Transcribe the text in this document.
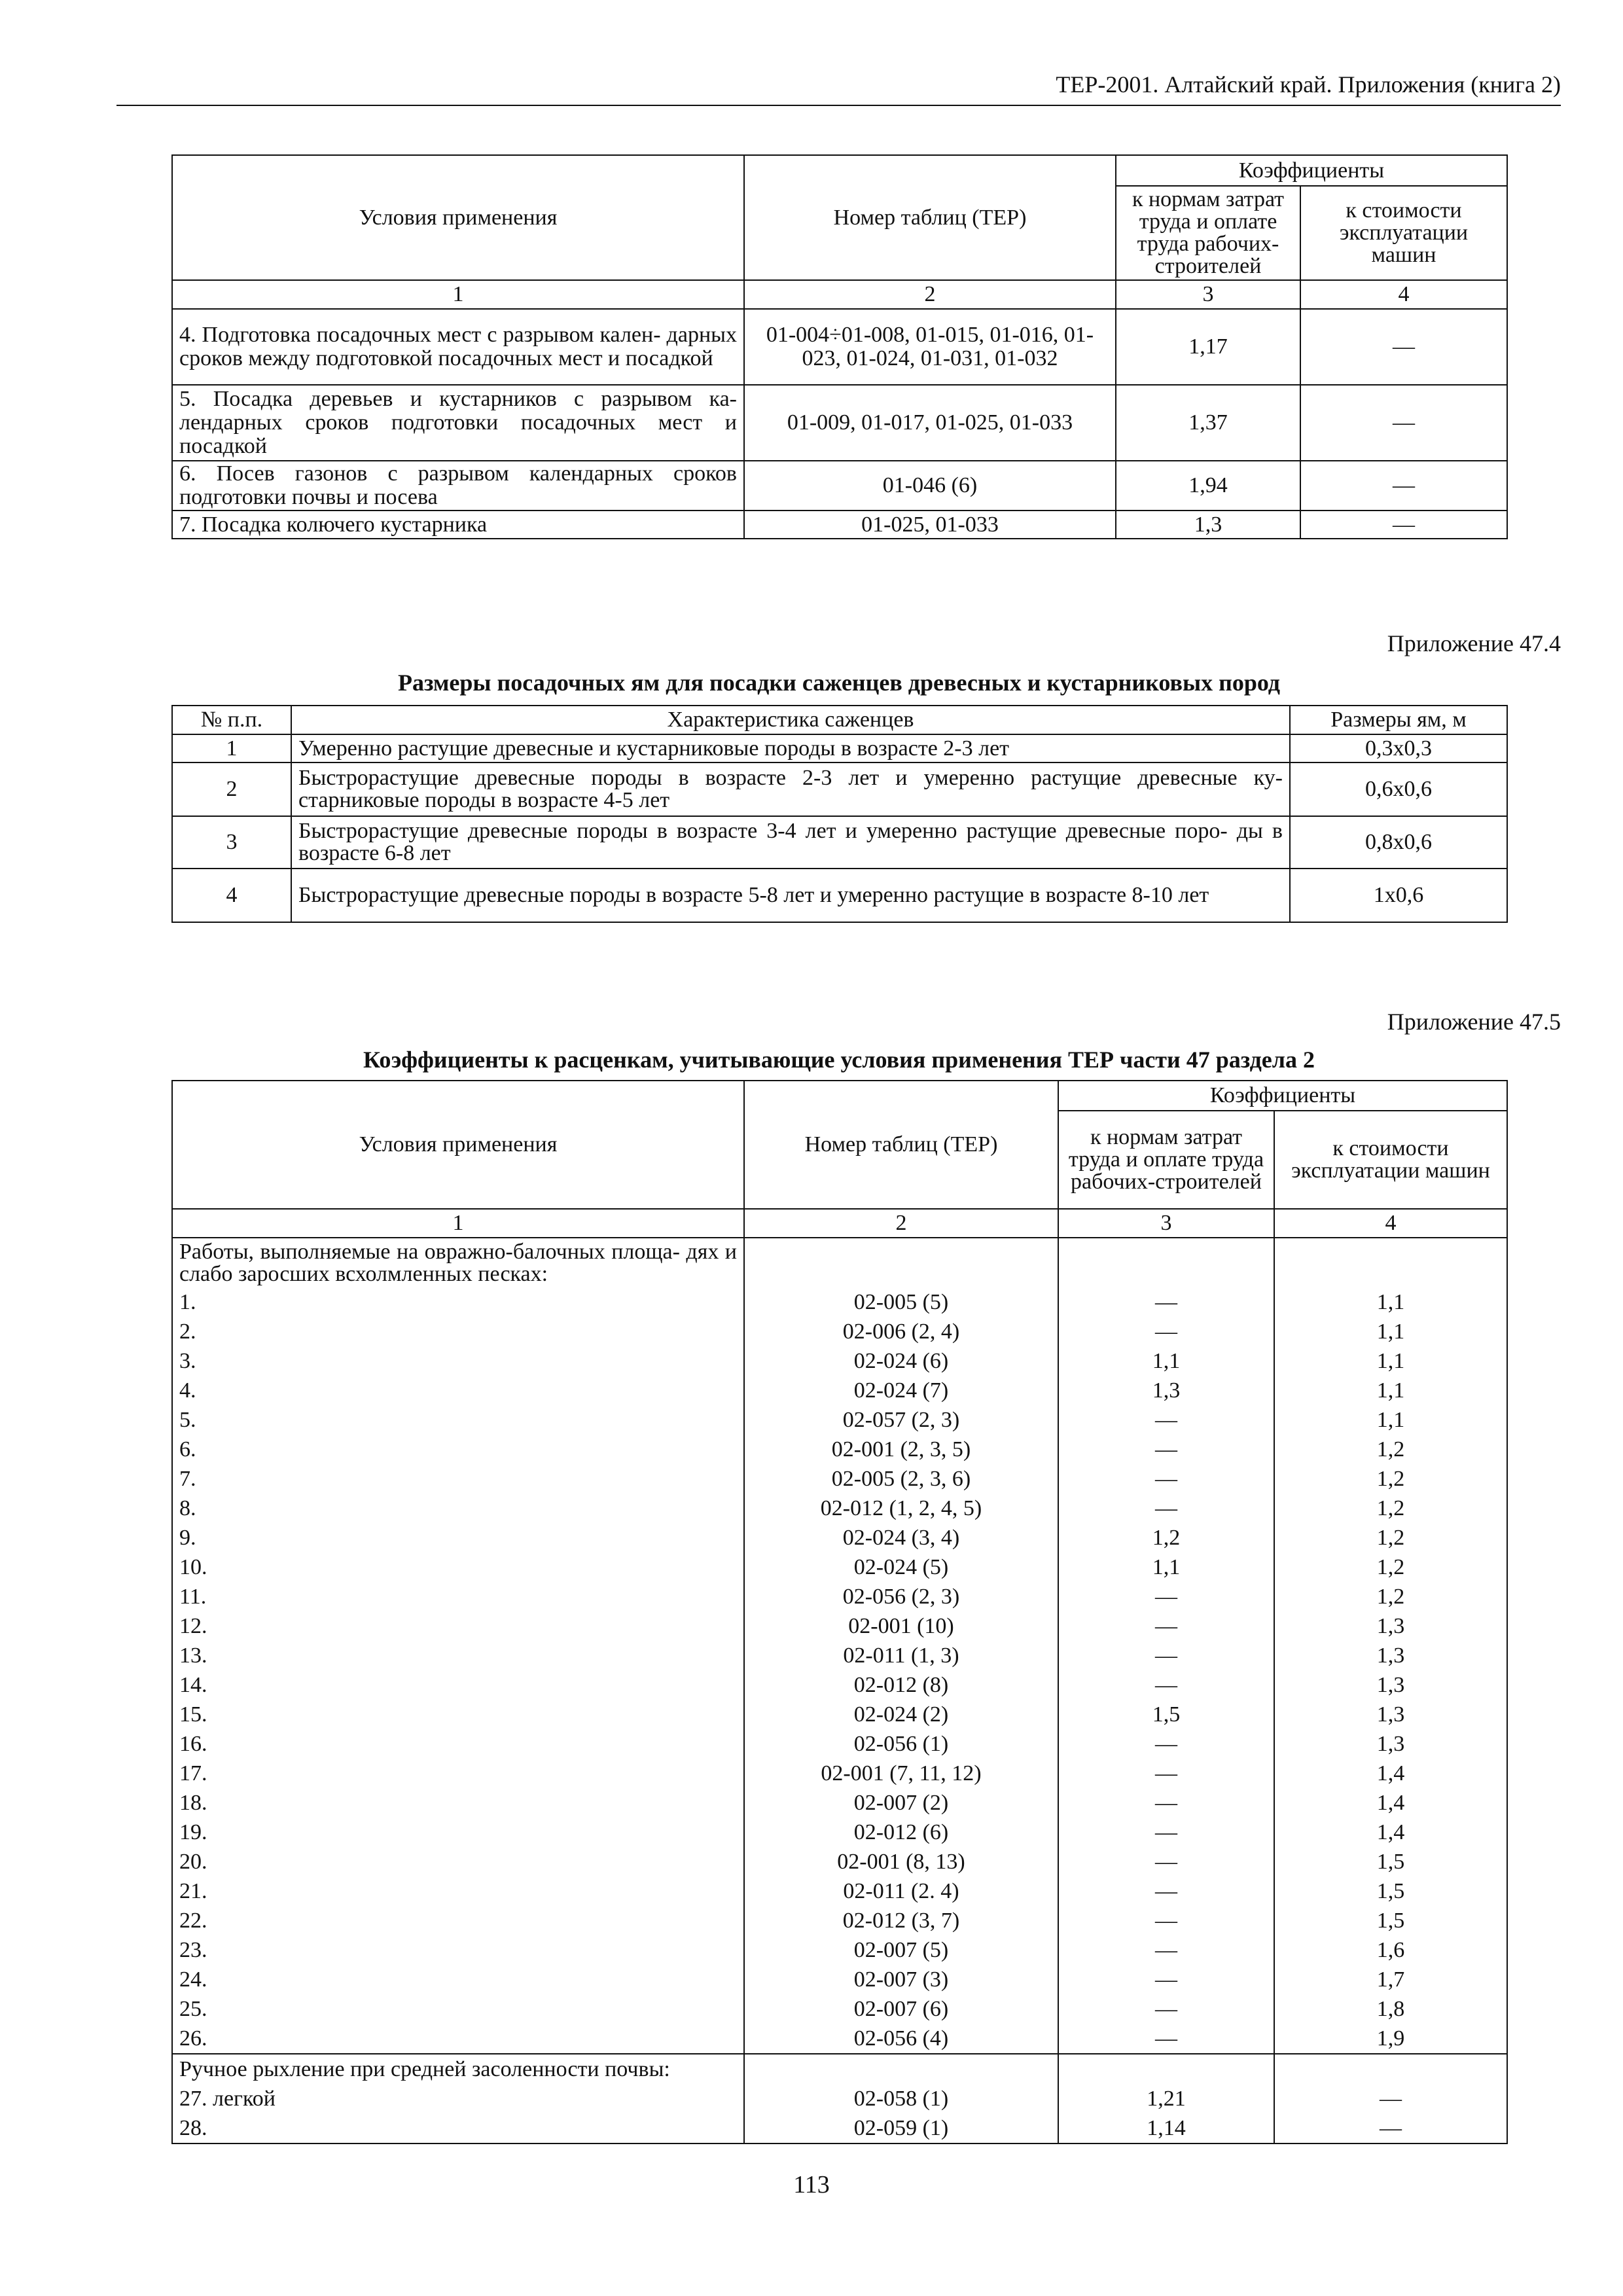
ТЕР-2001. Алтайский край. Приложения (книга 2)
Условия применения	Номер таблиц (ТЕР)	Коэффициенты	
		к нормам затрат труда и оплате труда рабочих-строителей	к стоимости эксплуатации машин
1	2	3	4
4. Подготовка посадочных мест с разрывом кален- дарных сроков между подготовкой посадочных мест и посадкой	01-004÷01-008, 01-015, 01-016, 01-023, 01-024, 01-031, 01-032	1,17	—
5. Посадка деревьев и кустарников с разрывом ка- лендарных сроков подготовки посадочных мест и посадкой	01-009, 01-017, 01-025, 01-033	1,37	—
6. Посев газонов с разрывом календарных сроков подготовки почвы и посева	01-046 (6)	1,94	—
7. Посадка колючего кустарника	01-025, 01-033	1,3	—
Приложение 47.4
Размеры посадочных ям для посадки саженцев древесных и кустарниковых пород
№ п.п.	Характеристика саженцев	Размеры ям, м
1	Умеренно растущие древесные и кустарниковые породы в возрасте 2-3 лет	0,3х0,3
2	Быстрорастущие древесные породы в возрасте 2-3 лет и умеренно растущие древесные ку- старниковые породы в возрасте 4-5 лет	0,6х0,6
3	Быстрорастущие древесные породы в возрасте 3-4 лет и умеренно растущие древесные поро- ды в возрасте 6-8 лет	0,8х0,6
4	Быстрорастущие древесные породы в возрасте 5-8 лет и умеренно растущие в возрасте 8-10 лет	1х0,6
Приложение 47.5
Коэффициенты к расценкам, учитывающие условия применения ТЕР части 47 раздела 2
Условия применения	Номер таблиц (ТЕР)	Коэффициенты	
		к нормам затрат труда и оплате труда рабочих-строителей	к стоимости эксплуатации машин
1	2	3	4
Работы, выполняемые на овражно-балочных площа- дях и слабо заросших всхолмленных песках:			
1.	02-005 (5)	—	1,1
2.	02-006 (2, 4)	—	1,1
3.	02-024 (6)	1,1	1,1
4.	02-024 (7)	1,3	1,1
5.	02-057 (2, 3)	—	1,1
6.	02-001 (2, 3, 5)	—	1,2
7.	02-005 (2, 3, 6)	—	1,2
8.	02-012 (1, 2, 4, 5)	—	1,2
9.	02-024 (3, 4)	1,2	1,2
10.	02-024 (5)	1,1	1,2
11.	02-056 (2, 3)	—	1,2
12.	02-001 (10)	—	1,3
13.	02-011 (1, 3)	—	1,3
14.	02-012 (8)	—	1,3
15.	02-024 (2)	1,5	1,3
16.	02-056 (1)	—	1,3
17.	02-001 (7, 11, 12)	—	1,4
18.	02-007 (2)	—	1,4
19.	02-012 (6)	—	1,4
20.	02-001 (8, 13)	—	1,5
21.	02-011 (2. 4)	—	1,5
22.	02-012 (3, 7)	—	1,5
23.	02-007 (5)	—	1,6
24.	02-007 (3)	—	1,7
25.	02-007 (6)	—	1,8
26.	02-056 (4)	—	1,9
Ручное рыхление при средней засоленности почвы:			
27. легкой	02-058 (1)	1,21	—
28.	02-059 (1)	1,14	—
113
